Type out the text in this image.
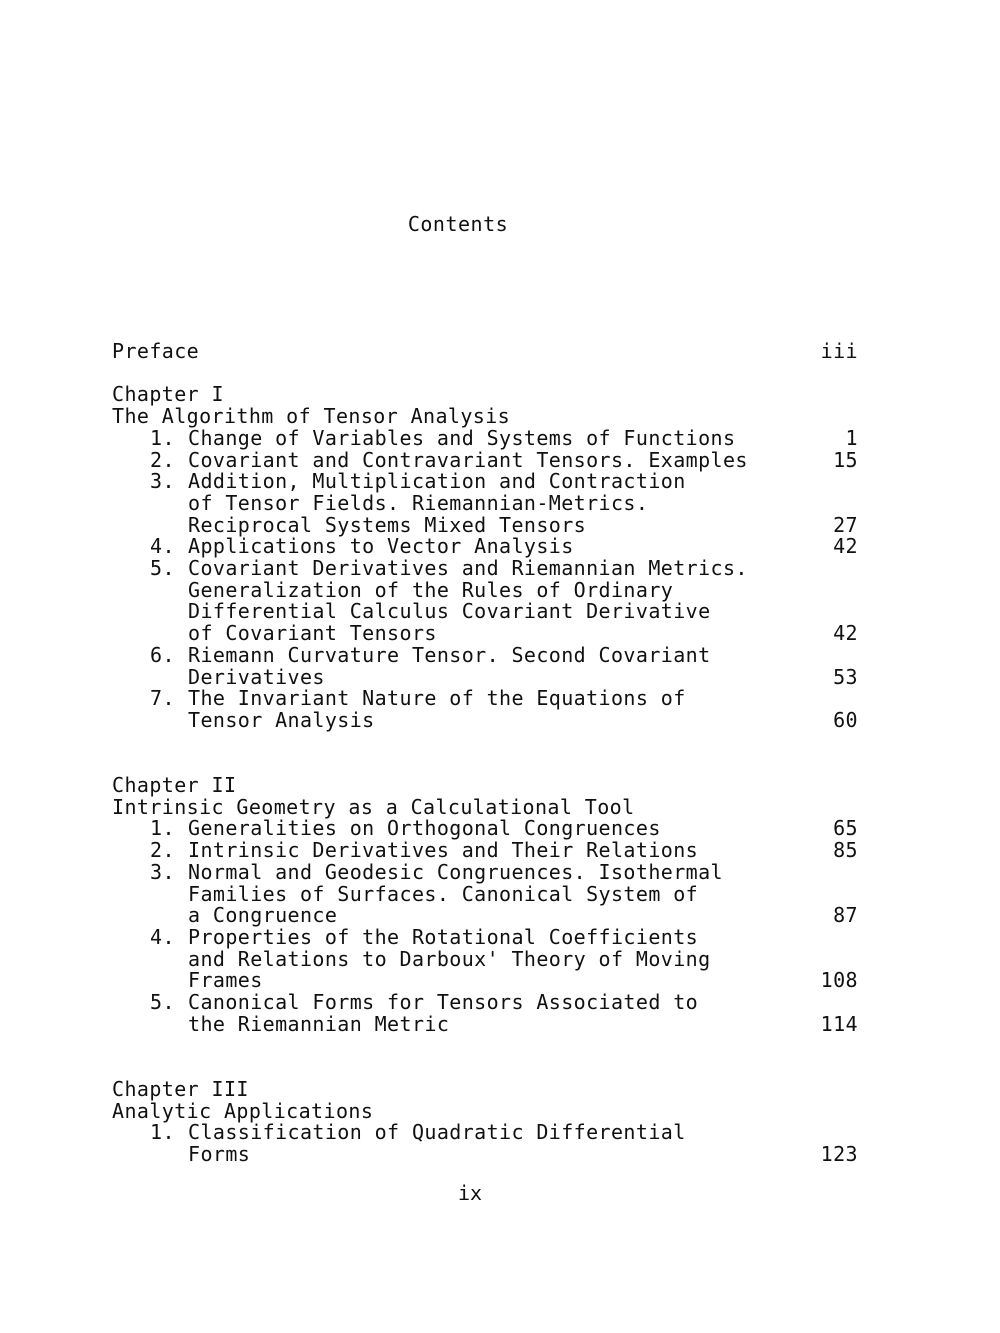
Contents
Preface	iii
Chapter I
The Algorithm of Tensor Analysis
1. Change of Variables and Systems of Functions	1
2. Covariant and Contravariant Tensors. Examples	15
3. Addition, Multiplication and Contraction
of Tensor Fields. Riemannian-Metrics.
Reciprocal Systems Mixed Tensors	27
4. Applications to Vector Analysis	42
5. Covariant Derivatives and Riemannian Metrics.
Generalization of the Rules of Ordinary
Differential Calculus Covariant Derivative
of Covariant Tensors	42
6. Riemann Curvature Tensor. Second Covariant
Derivatives	53
7. The Invariant Nature of the Equations of
Tensor Analysis	60
Chapter II
Intrinsic Geometry as a Calculational Tool
1. Generalities on Orthogonal Congruences	65
2. Intrinsic Derivatives and Their Relations	85
3. Normal and Geodesic Congruences. Isothermal
Families of Surfaces. Canonical System of
a Congruence	87
4. Properties of the Rotational Coefficients
and Relations to Darboux' Theory of Moving
Frames	108
5. Canonical Forms for Tensors Associated to
the Riemannian Metric	114
Chapter III
Analytic Applications
1. Classification of Quadratic Differential
Forms	123
ix
